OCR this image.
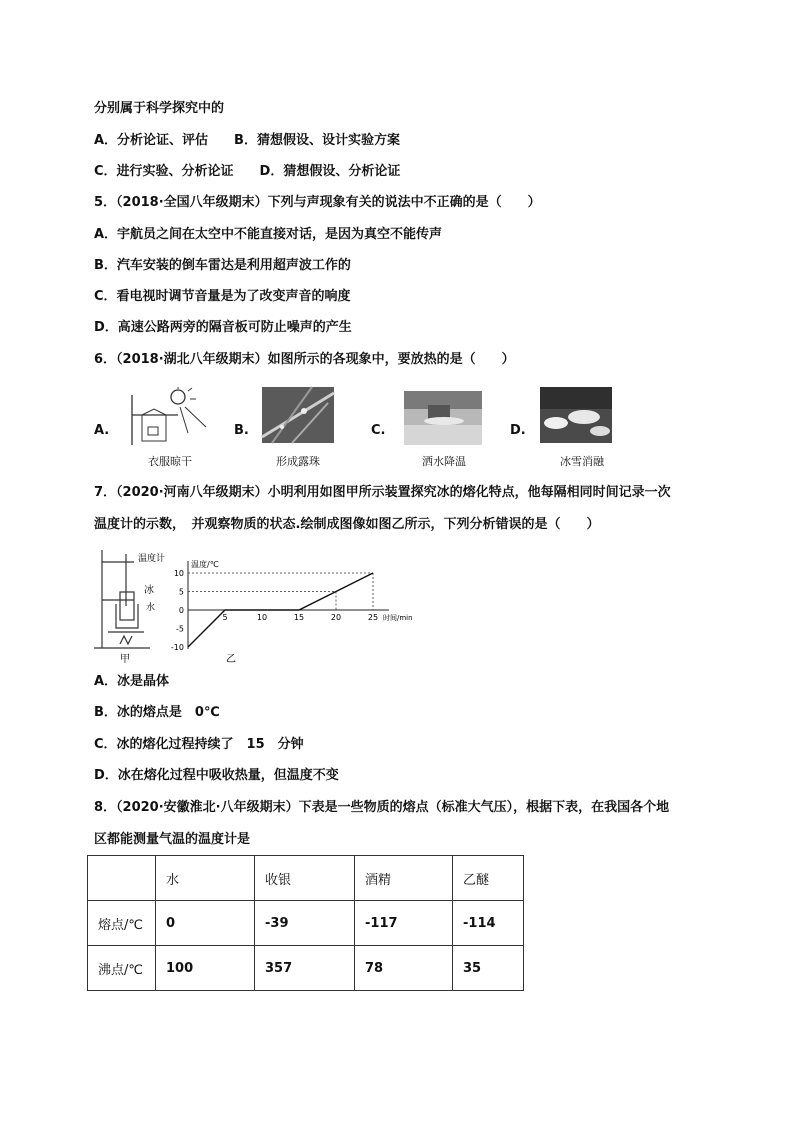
分别属于科学探究中的
A．分析论证、评估　　B．猜想假设、设计实验方案
C．进行实验、分析论证　　D．猜想假设、分析论证
5．（2018·全国八年级期末）下列与声现象有关的说法中不正确的是（　　）
A．宇航员之间在太空中不能直接对话，是因为真空不能传声
B．汽车安装的倒车雷达是利用超声波工作的
C．看电视时调节音量是为了改变声音的响度
D．高速公路两旁的隔音板可防止噪声的产生
6．（2018·湖北八年级期末）如图所示的各现象中，要放热的是（　　）
A.
衣服晾干
B.
形成露珠
C.
洒水降温
D.
冰雪消融
7．（2020·河南八年级期末）小明利用如图甲所示装置探究冰的熔化特点，他每隔相同时间记录一次
温度计的示数，　并观察物质的状态.绘制成图像如图乙所示，下列分析错误的是（　　）
温度计
冰
水
甲
温度/℃
时间/min
10
5
0
-5
-10
5	10	15	20	25
乙
A．冰是晶体
B．冰的熔点是　0℃
C．冰的熔化过程持续了　15　分钟
D．冰在熔化过程中吸收热量，但温度不变
8．（2020·安徽淮北·八年级期末）下表是一些物质的熔点（标准大气压），根据下表，在我国各个地
区都能测量气温的温度计是
	水	收银	酒精	乙醚
熔点/℃	0	-39	-117	-114
沸点/℃	100	357	78	35
